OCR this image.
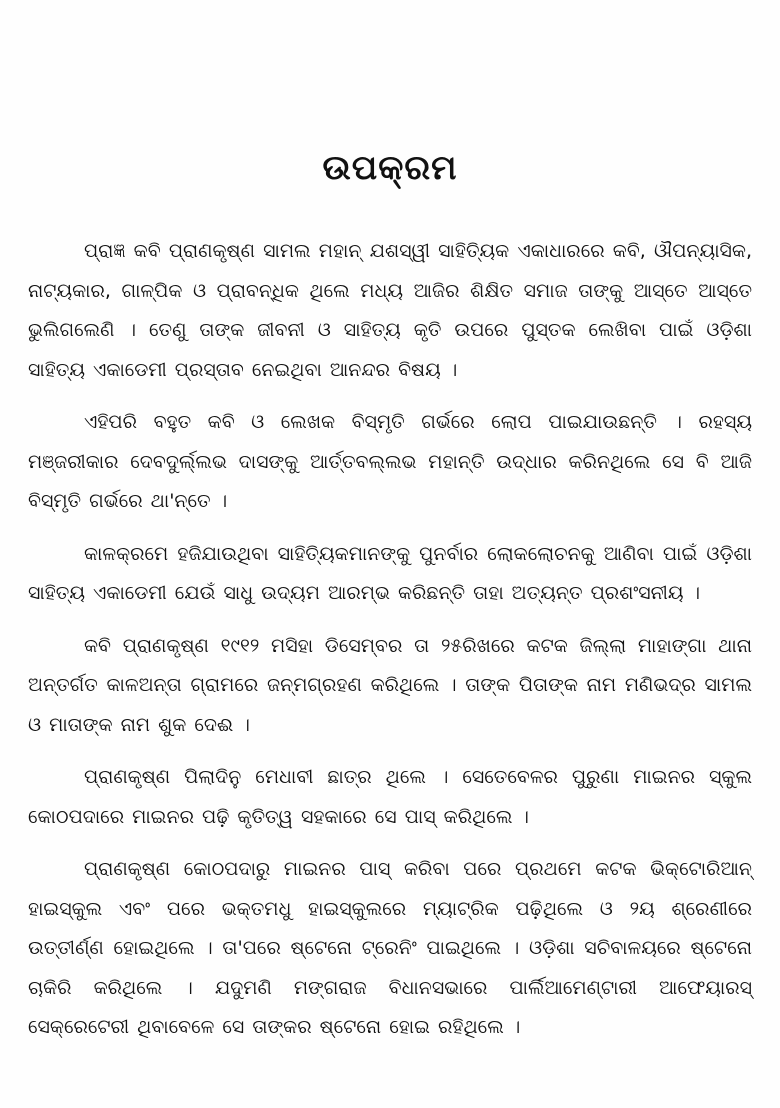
ଉପକ୍ରମ

ପ୍ରାଜ୍ଞ କବି ପ୍ରାଣକୃଷ୍ଣ ସାମଲ ମହାନ୍ ଯଶସ୍ୱୀ ସାହିତ୍ୟିକ ଏକାଧାରରେ କବି, ଔପନ୍ୟାସିକ, ନାଟ୍ୟକାର, ଗାଳ୍ପିକ ଓ ପ୍ରାବନ୍ଧିକ ଥିଲେ ମଧ୍ୟ ଆଜିର ଶିକ୍ଷିତ ସମାଜ ତାଙ୍କୁ ଆସ୍ତେ ଆସ୍ତେ ଭୁଲିଗଲେଣି । ତେଣୁ ତାଙ୍କ ଜୀବନୀ ଓ ସାହିତ୍ୟ କୃତି ଉପରେ ପୁସ୍ତକ ଲେଖିବା ପାଇଁ ଓଡ଼ିଶା ସାହିତ୍ୟ ଏକାଡେମୀ ପ୍ରସ୍ତାବ ନେଇଥିବା ଆନନ୍ଦର ବିଷୟ ।

ଏହିପରି ବହୁତ କବି ଓ ଲେଖକ ବିସ୍ମୃତି ଗର୍ଭରେ ଲୋପ ପାଇଯାଉଛନ୍ତି । ରହସ୍ୟ ମଞ୍ଜରୀକାର ଦେବଦୁର୍ଲ୍ଲଭ ଦାସଙ୍କୁ ଆର୍ତ୍ତବଲ୍ଲଭ ମହାନ୍ତି ଉଦ୍ଧାର କରିନଥିଲେ ସେ ବି ଆଜି ବିସ୍ମୃତି ଗର୍ଭରେ ଥା'ନ୍ତେ ।

କାଳକ୍ରମେ ହଜିଯାଉଥିବା ସାହିତ୍ୟିକମାନଙ୍କୁ ପୁନର୍ବାର ଲୋକଲୋଚନକୁ ଆଣିବା ପାଇଁ ଓଡ଼ିଶା ସାହିତ୍ୟ ଏକାଡେମୀ ଯେଉଁ ସାଧୁ ଉଦ୍ୟମ ଆରମ୍ଭ କରିଛନ୍ତି ତାହା ଅତ୍ୟନ୍ତ ପ୍ରଶଂସନୀୟ ।

କବି ପ୍ରାଣକୃଷ୍ଣ ୧୯୧୨ ମସିହା ଡିସେମ୍ବର ତା ୨୫ରିଖରେ କଟକ ଜିଲ୍ଲା ମାହାଙ୍ଗା ଥାନା ଅନ୍ତର୍ଗତ କାଳଅନ୍ତା ଗ୍ରାମରେ ଜନ୍ମଗ୍ରହଣ କରିଥିଲେ । ତାଙ୍କ ପିତାଙ୍କ ନାମ ମଣିଭଦ୍ର ସାମଲ ଓ ମାତାଙ୍କ ନାମ ଶୁକ ଦେଈ ।

ପ୍ରାଣକୃଷ୍ଣ ପିଲାଦିନୁ ମେଧାବୀ ଛାତ୍ର ଥିଲେ । ସେତେବେଳର ପୁରୁଣା ମାଇନର ସ୍କୁଲ କୋଠପଦାରେ ମାଇନର ପଢ଼ି କୃତିତ୍ୱ ସହକାରେ ସେ ପାସ୍ କରିଥିଲେ ।

ପ୍ରାଣକୃଷ୍ଣ କୋଠପଦାରୁ ମାଇନର ପାସ୍ କରିବା ପରେ ପ୍ରଥମେ କଟକ ଭିକ୍ଟୋରିଆନ୍ ହାଇସ୍କୁଲ ଏବଂ ପରେ ଭକ୍ତମଧୁ ହାଇସ୍କୁଲରେ ମ୍ୟାଟ୍ରିକ ପଢ଼ିଥିଲେ ଓ ୨ୟ ଶ୍ରେଣୀରେ ଉତ୍ତୀର୍ଣ୍ଣ ହୋଇଥିଲେ । ତା'ପରେ ଷ୍ଟେନୋ ଟ୍ରେନିଂ ପାଇଥିଲେ । ଓଡ଼ିଶା ସଚିବାଳୟରେ ଷ୍ଟେନୋ ଚାକିରି କରିଥିଲେ । ଯଦୁମଣି ମଙ୍ଗରାଜ ବିଧାନସଭାରେ ପାର୍ଲିଆମେଣ୍ଟାରୀ ଆଫେୟାରସ୍ ସେକ୍ରେଟେରୀ ଥିବାବେଳେ ସେ ତାଙ୍କର ଷ୍ଟେନୋ ହୋଇ ରହିଥିଲେ ।
